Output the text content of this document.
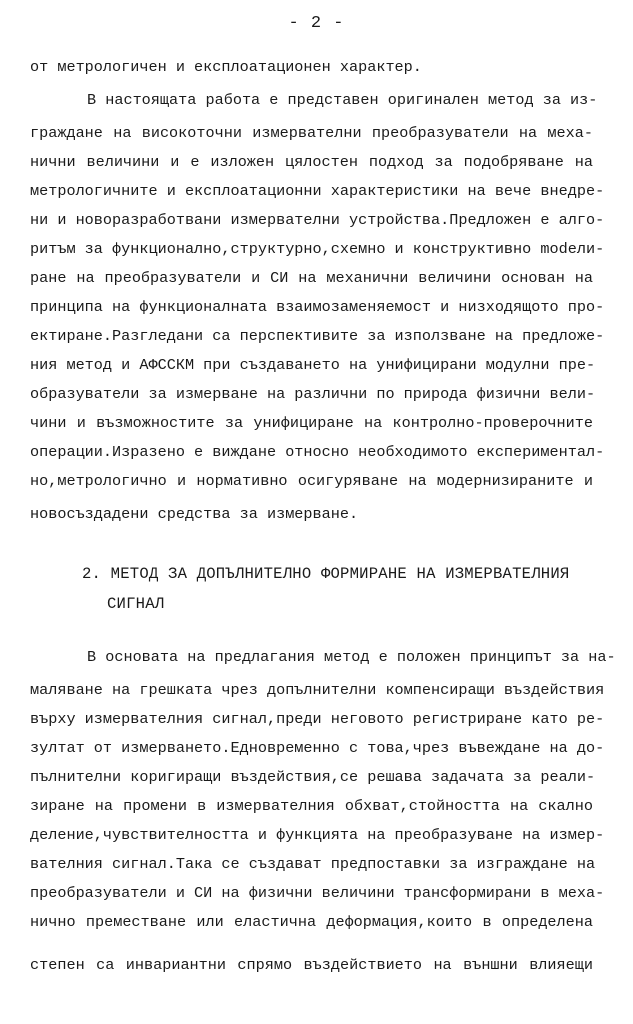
- 2 -
от метрологичен и експлоатационен характер.
В настоящата работа е представен оригинален метод за из-
граждане на високоточни измервателни преобразуватели на меха-
нични величини и е изложен цялостен подход за подобряване на
метрологичните и експлоатационни характеристики на вече внедре-
ни и новоразработвани измервателни устройства.Предложен е алго-
ритъм за функционално,структурно,схемно и конструктивно modели-
ране на преобразуватели и СИ на механични величини основан на
принципа на функционалната взаимозаменяемост и низходящото про-
ектиране.Разгледани са перспективите за използване на предложе-
ния метод и АФССКМ при създаването на унифицирани модулни пре-
образуватели за измерване на различни по природа физични вели-
чини и възможностите за унифициране на контролно-проверочните
операции.Изразено е виждане относно необходимото експериментал-
но,метрологично и нормативно осигуряване на модернизираните и
новосъздадени средства за измерване.
2. МЕТОД ЗА ДОПЪЛНИТЕЛНО ФОРМИРАНЕ НА ИЗМЕРВАТЕЛНИЯ
СИГНАЛ
В основата на предлагания метод е положен принципът за на-
маляване на грешката чрез допълнителни компенсиращи въздействия
върху измервателния сигнал,преди неговото регистриране като ре-
зултат от измерването.Едновременно с това,чрез въвеждане на до-
пълнителни коригиращи въздействия,се решава задачата за реали-
зиране на промени в измервателния обхват,стойността на скално
деление,чувствителността и функцията на преобразуване на измер-
вателния сигнал.Така се създават предпоставки за изграждане на
преобразуватели и СИ на физични величини трансформирани в меха-
нично преместване или еластична деформация,които в определена
степен са инвариантни спрямо въздействието на външни влияещи
